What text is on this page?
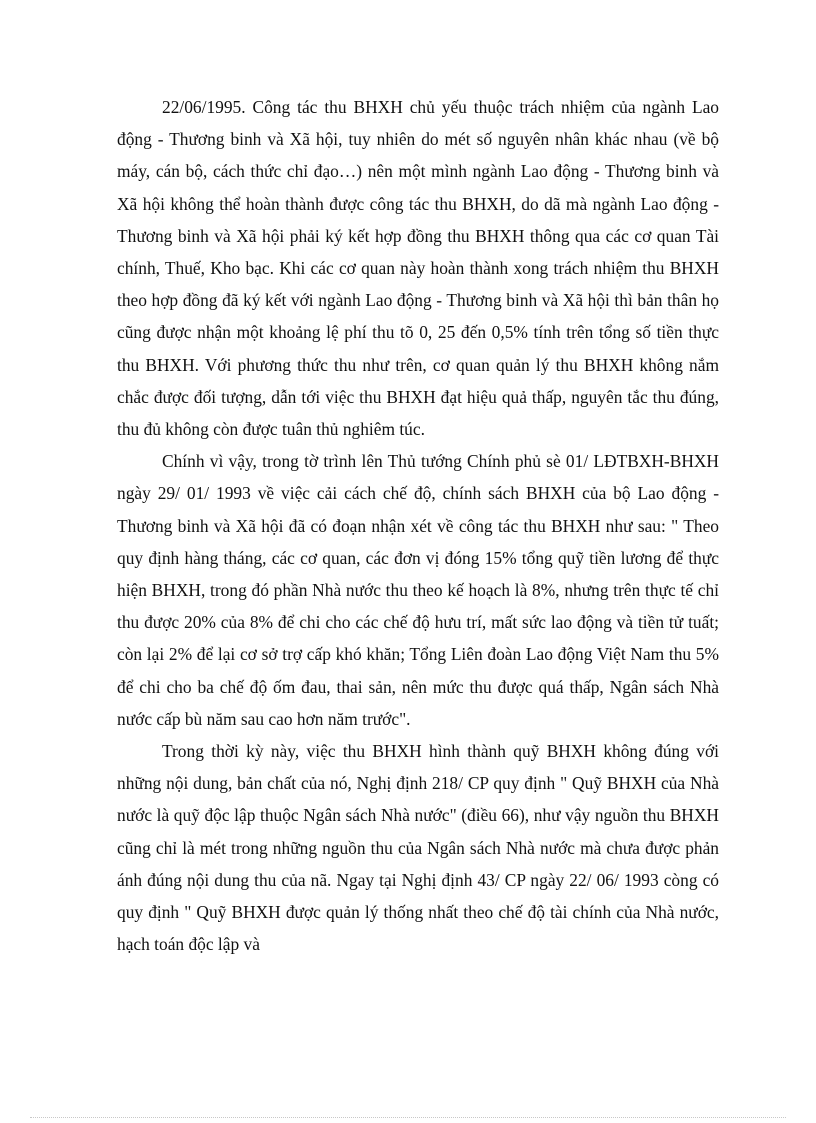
22/06/1995. Công tác thu BHXH chủ yếu thuộc trách nhiệm của ngành Lao động - Thương binh và Xã hội, tuy nhiên do mét số nguyên nhân khác nhau (về bộ máy, cán bộ, cách thức chỉ đạo…) nên một mình ngành Lao động - Thương binh và Xã hội không thể hoàn thành được công tác thu BHXH, do dã mà ngành Lao động - Thương binh và Xã hội phải ký kết hợp đồng thu BHXH thông qua các cơ quan Tài chính, Thuế, Kho bạc. Khi các cơ quan này hoàn thành xong trách nhiệm thu BHXH theo hợp đồng đã ký kết với ngành Lao động - Thương binh và Xã hội thì bản thân họ cũng được nhận một khoảng lệ phí thu tõ 0, 25 đến 0,5% tính trên tổng số tiền thực thu BHXH. Với phương thức thu như trên, cơ quan quản lý thu BHXH không nắm chắc được đối tượng, dẫn tới việc thu BHXH đạt hiệu quả thấp, nguyên tắc thu đúng, thu đủ không còn được tuân thủ nghiêm túc.

Chính vì vậy, trong tờ trình lên Thủ tướng Chính phủ sè 01/ LĐTBXH-BHXH ngày 29/ 01/ 1993 về việc cải cách chế độ, chính sách BHXH của bộ Lao động - Thương binh và Xã hội đã có đoạn nhận xét về công tác thu BHXH như sau: " Theo quy định hàng tháng, các cơ quan, các đơn vị đóng 15% tổng quỹ tiền lương để thực hiện BHXH, trong đó phần Nhà nước thu theo kế hoạch là 8%, nhưng trên thực tế chỉ thu được 20% của 8% để chi cho các chế độ hưu trí, mất sức lao động và tiền tử tuất; còn lại 2% để lại cơ sở trợ cấp khó khăn; Tổng Liên đoàn Lao động Việt Nam thu 5% để chi cho ba chế độ ốm đau, thai sản, nên mức thu được quá thấp, Ngân sách Nhà nước cấp bù năm sau cao hơn năm trước".

Trong thời kỳ này, việc thu BHXH hình thành quỹ BHXH không đúng với những nội dung, bản chất của nó, Nghị định 218/ CP quy định " Quỹ BHXH của Nhà nước là quỹ độc lập thuộc Ngân sách Nhà nước" (điều 66), như vậy nguồn thu BHXH cũng chỉ là mét trong những nguồn thu của Ngân sách Nhà nước mà chưa được phản ánh đúng nội dung thu của nã. Ngay tại Nghị định 43/ CP ngày 22/ 06/ 1993 còng có quy định " Quỹ BHXH được quản lý thống nhất theo chế độ tài chính của Nhà nước, hạch toán độc lập và
